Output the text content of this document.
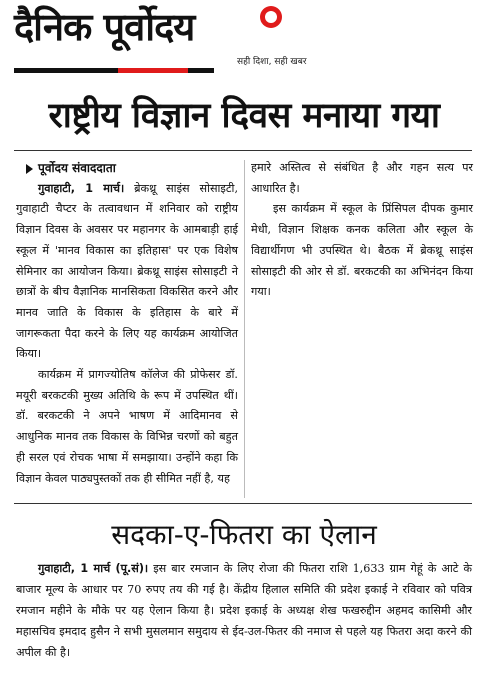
दैनिक पूर्वोदय
सही दिशा, सही खबर
राष्ट्रीय विज्ञान दिवस मनाया गया

पूर्वोदय संवाददाता

गुवाहाटी, 1 मार्च। ब्रेकथ्रू साइंस सोसाइटी, गुवाहाटी चैप्टर के तत्वावधान में शनिवार को राष्ट्रीय विज्ञान दिवस के अवसर पर महानगर के आमबाड़ी हाई स्कूल में 'मानव विकास का इतिहास' पर एक विशेष सेमिनार का आयोजन किया। ब्रेकथ्रू साइंस सोसाइटी ने छात्रों के बीच वैज्ञानिक मानसिकता विकसित करने और मानव जाति के विकास के इतिहास के बारे में जागरूकता पैदा करने के लिए यह कार्यक्रम आयोजित किया।

कार्यक्रम में प्रागज्योतिष कॉलेज की प्रोफेसर डॉ. मयूरी बरकटकी मुख्य अतिथि के रूप में उपस्थित थीं। डॉ. बरकटकी ने अपने भाषण में आदिमानव से आधुनिक मानव तक विकास के विभिन्न चरणों को बहुत ही सरल एवं रोचक भाषा में समझाया। उन्होंने कहा कि विज्ञान केवल पाठ्यपुस्तकों तक ही सीमित नहीं है, यह

हमारे अस्तित्व से संबंधित है और गहन सत्य पर आधारित है।

इस कार्यक्रम में स्कूल के प्रिंसिपल दीपक कुमार मेधी, विज्ञान शिक्षक कनक कलिता और स्कूल के विद्यार्थीगण भी उपस्थित थे। बैठक में ब्रेकथ्रू साइंस सोसाइटी की ओर से डॉ. बरकटकी का अभिनंदन किया गया।

सदका-ए-फितरा का ऐलान

गुवाहाटी, 1 मार्च (पू.सं)। इस बार रमजान के लिए रोजा की फितरा राशि 1,633 ग्राम गेहूं के आटे के बाजार मूल्य के आधार पर 70 रुपए तय की गई है। केंद्रीय हिलाल समिति की प्रदेश इकाई ने रविवार को पवित्र रमजान महीने के मौके पर यह ऐलान किया है। प्रदेश इकाई के अध्यक्ष शेख फखरुद्दीन अहमद कासिमी और महासचिव इमदाद हुसैन ने सभी मुसलमान समुदाय से ईद-उल-फितर की नमाज से पहले यह फितरा अदा करने की अपील की है।
